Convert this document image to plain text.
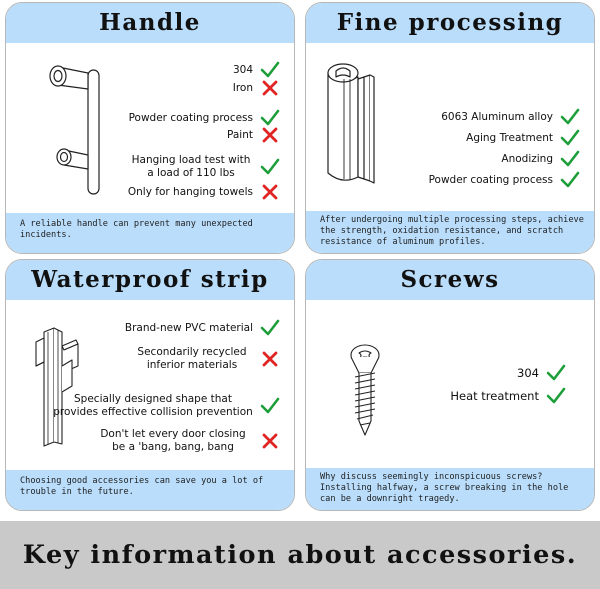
Handle
304
Iron
Powder coating process
Paint
Hanging load test with a load of 110 lbs
Only for hanging towels
A reliable handle can prevent many unexpected incidents.
Fine processing
6063 Aluminum alloy
Aging Treatment
Anodizing
Powder coating process
After undergoing multiple processing steps, achieve the strength, oxidation resistance, and scratch resistance of aluminum profiles.
Waterproof strip
Brand-new PVC material
Secondarily recycled inferior materials
Specially designed shape that provides effective collision prevention
Don't let every door closing be a 'bang, bang, bang
Choosing good accessories can save you a lot of trouble in the future.
Screws
304
Heat treatment
Why discuss seemingly inconspicuous screws? Installing halfway, a screw breaking in the hole can be a downright tragedy.
Key information about accessories.
